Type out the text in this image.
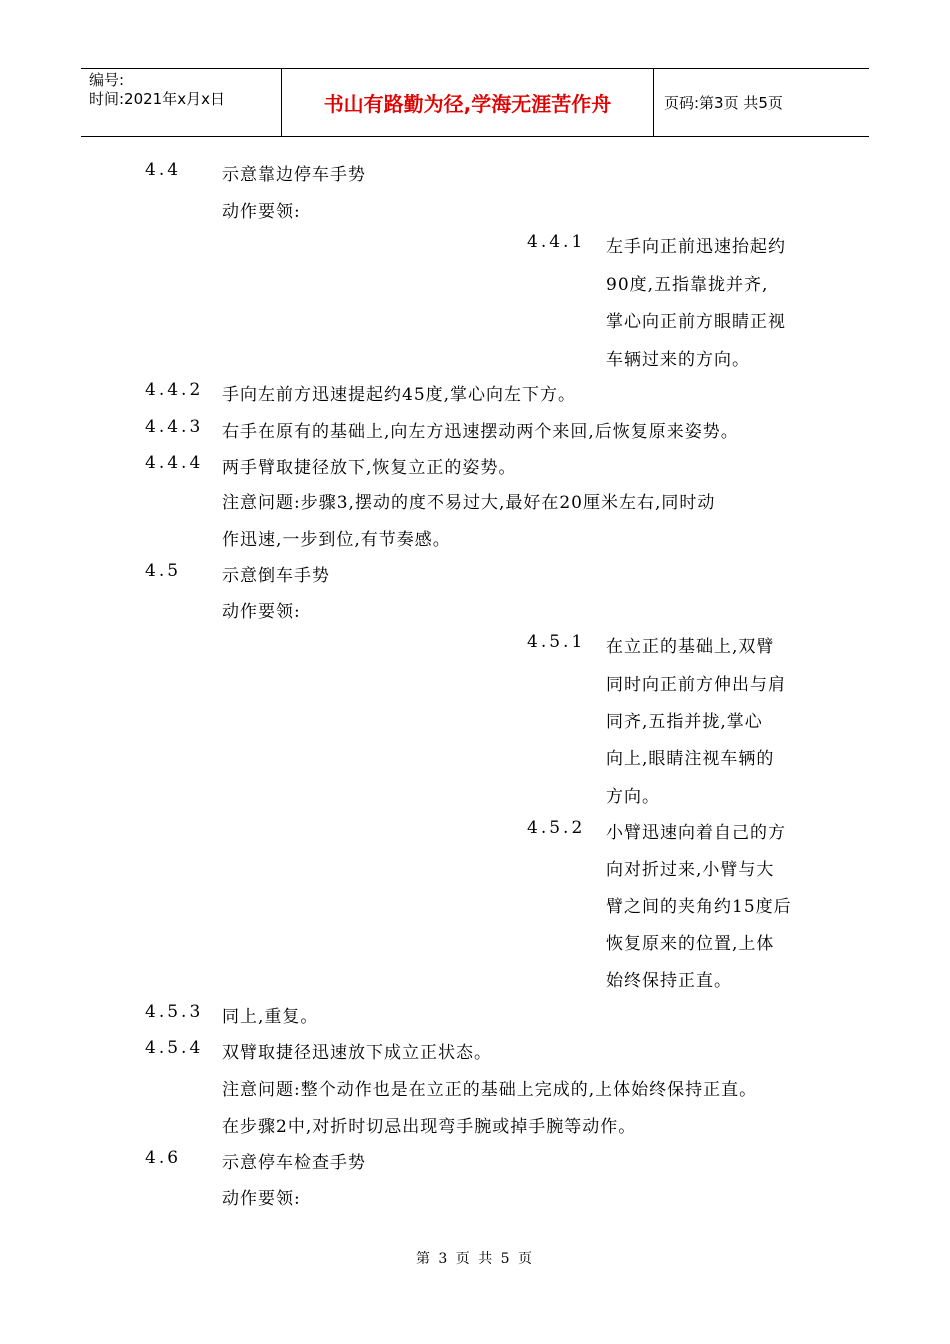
编号:
时间:2021年x月x日	书山有路勤为径,学海无涯苦作舟	页码:第3页 共5页
4.4 示意靠边停车手势
动作要领:
4.4.1 左手向正前迅速抬起约
90度,五指靠拢并齐,
掌心向正前方眼睛正视
车辆过来的方向。
4.4.2 手向左前方迅速提起约45度,掌心向左下方。
4.4.3 右手在原有的基础上,向左方迅速摆动两个来回,后恢复原来姿势。
4.4.4 两手臂取捷径放下,恢复立正的姿势。
注意问题:步骤3,摆动的度不易过大,最好在20厘米左右,同时动
作迅速,一步到位,有节奏感。
4.5 示意倒车手势
动作要领:
4.5.1 在立正的基础上,双臂
同时向正前方伸出与肩
同齐,五指并拢,掌心
向上,眼睛注视车辆的
方向。
4.5.2 小臂迅速向着自己的方
向对折过来,小臂与大
臂之间的夹角约15度后
恢复原来的位置,上体
始终保持正直。
4.5.3 同上,重复。
4.5.4 双臂取捷径迅速放下成立正状态。
注意问题:整个动作也是在立正的基础上完成的,上体始终保持正直。
在步骤2中,对折时切忌出现弯手腕或掉手腕等动作。
4.6 示意停车检查手势
动作要领:
第 3 页 共 5 页
